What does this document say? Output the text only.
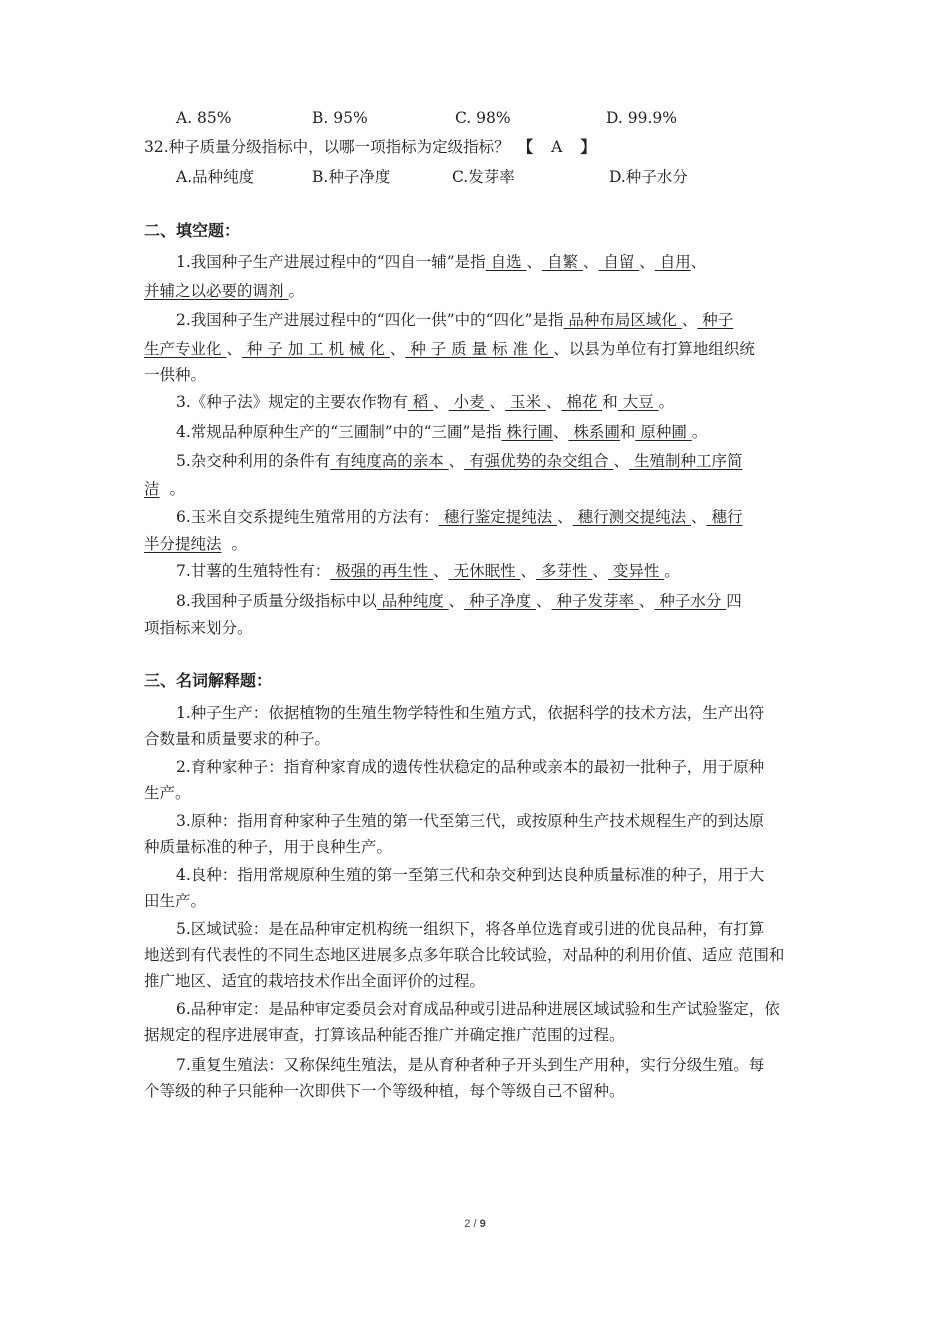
A. 85%	B. 95%	C. 98%	D. 99.9%
32.种子质量分级指标中，以哪一项指标为定级指标？ 【 A 】
A.品种纯度	B.种子净度	C.发芽率	D.种子水分
二、填空题：
1.我国种子生产进展过程中的“四自一辅”是指 自选 、 自繁 、 自留 、 自用、
并辅之以必要的调剂 。
2.我国种子生产进展过程中的“四化一供”中的“四化”是指 品种布局区域化 、 种子
生产专业化 、 种 子 加 工 机 械 化 、 种 子 质 量 标 准 化 、以县为单位有打算地组织统
一供种。
3.《种子法》规定的主要农作物有 稻 、 小麦 、 玉米 、 棉花 和 大豆 。
4.常规品种原种生产的“三圃制”中的“三圃”是指 株行圃、 株系圃和 原种圃 。
5.杂交种利用的条件有 有纯度高的亲本 、 有强优势的杂交组合 、 生殖制种工序简
洁 。
6.玉米自交系提纯生殖常用的方法有： 穗行鉴定提纯法 、 穗行测交提纯法 、 穗行
半分提纯法 。
7.甘薯的生殖特性有： 极强的再生性 、 无休眠性 、 多芽性 、 变异性 。
8.我国种子质量分级指标中以 品种纯度 、 种子净度 、 种子发芽率 、 种子水分 四
项指标来划分。
三、名词解释题：
1.种子生产：依据植物的生殖生物学特性和生殖方式，依据科学的技术方法，生产出符
合数量和质量要求的种子。
2.育种家种子：指育种家育成的遗传性状稳定的品种或亲本的最初一批种子，用于原种
生产。
3.原种：指用育种家种子生殖的第一代至第三代，或按原种生产技术规程生产的到达原
种质量标准的种子，用于良种生产。
4.良种：指用常规原种生殖的第一至第三代和杂交种到达良种质量标准的种子，用于大
田生产。
5.区域试验：是在品种审定机构统一组织下，将各单位选育或引进的优良品种，有打算
地送到有代表性的不同生态地区进展多点多年联合比较试验，对品种的利用价值、适应 范围和
推广地区、适宜的栽培技术作出全面评价的过程。
6.品种审定：是品种审定委员会对育成品种或引进品种进展区域试验和生产试验鉴定，依
据规定的程序进展审查，打算该品种能否推广并确定推广范围的过程。
7.重复生殖法：又称保纯生殖法，是从育种者种子开头到生产用种，实行分级生殖。每
个等级的种子只能种一次即供下一个等级种植，每个等级自己不留种。
2 / 9
